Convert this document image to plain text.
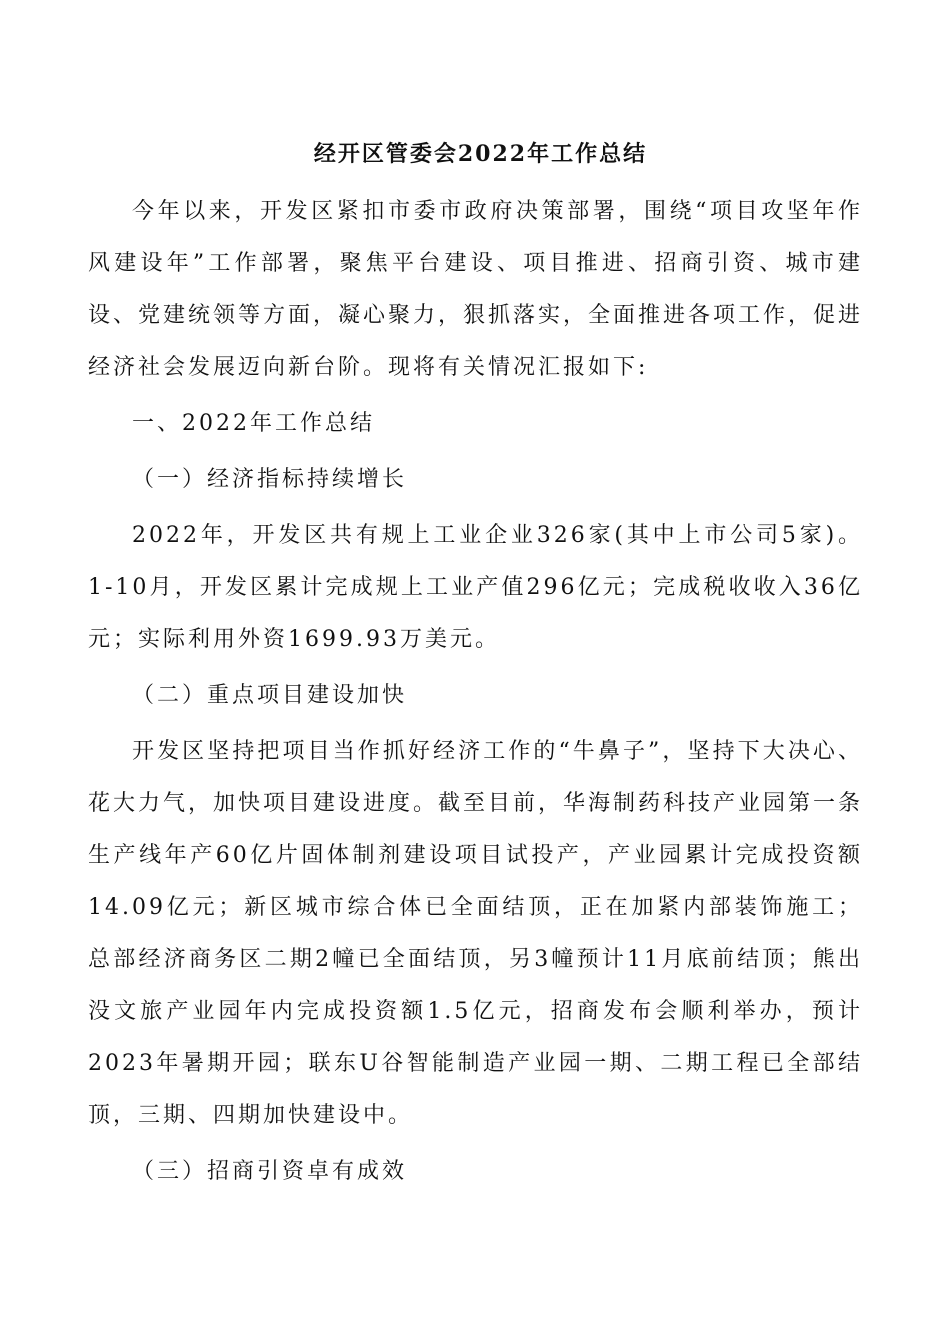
经开区管委会2022年工作总结

今年以来，开发区紧扣市委市政府决策部署，围绕“项目攻坚年作风建设年”工作部署，聚焦平台建设、项目推进、招商引资、城市建设、党建统领等方面，凝心聚力，狠抓落实，全面推进各项工作，促进经济社会发展迈向新台阶。现将有关情况汇报如下:

一、2022年工作总结

（一）经济指标持续增长

2022年，开发区共有规上工业企业326家(其中上市公司5家)。1-10月，开发区累计完成规上工业产值296亿元；完成税收收入36亿元；实际利用外资1699.93万美元。

（二）重点项目建设加快

开发区坚持把项目当作抓好经济工作的“牛鼻子”，坚持下大决心、花大力气，加快项目建设进度。截至目前，华海制药科技产业园第一条生产线年产60亿片固体制剂建设项目试投产，产业园累计完成投资额14.09亿元；新区城市综合体已全面结顶，正在加紧内部装饰施工；总部经济商务区二期2幢已全面结顶，另3幢预计11月底前结顶；熊出没文旅产业园年内完成投资额1.5亿元，招商发布会顺利举办，预计2023年暑期开园；联东U谷智能制造产业园一期、二期工程已全部结顶，三期、四期加快建设中。

（三）招商引资卓有成效
